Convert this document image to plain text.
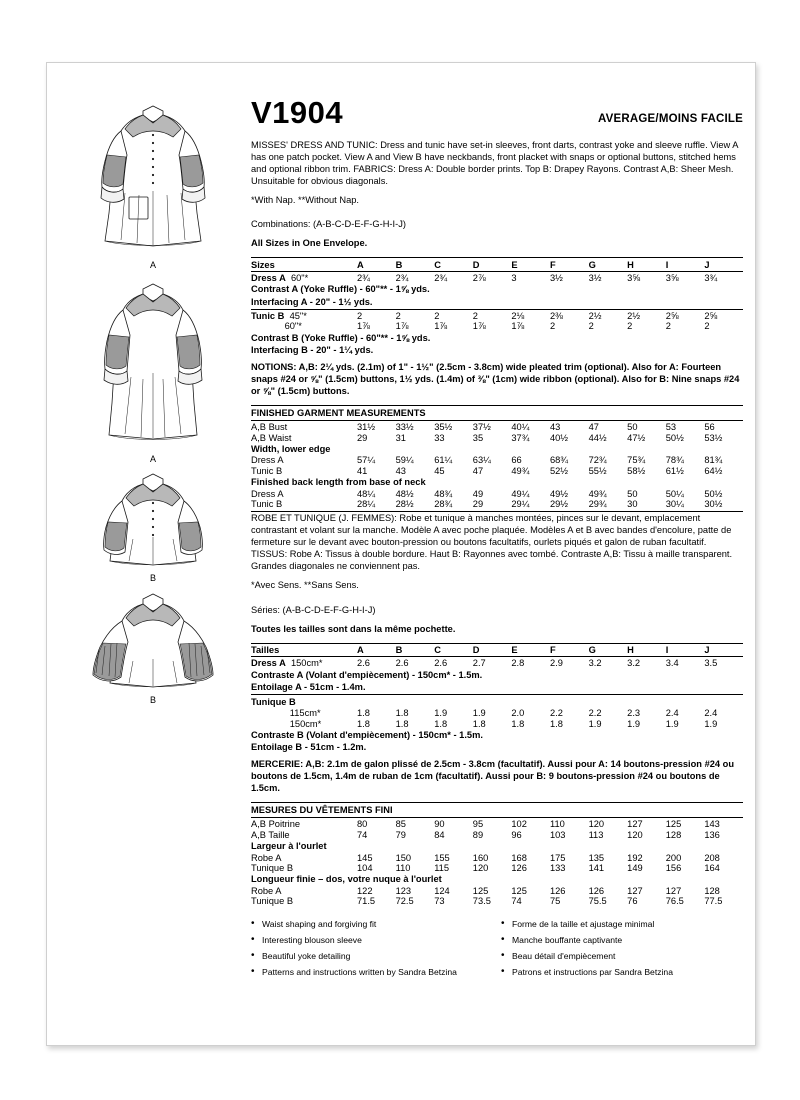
A
A
B
B
V1904	AVERAGE/MOINS FACILE

MISSES' DRESS AND TUNIC: Dress and tunic have set-in sleeves, front darts, contrast yoke and sleeve ruffle. View A has one patch pocket. View A and View B have neckbands, front placket with snaps or optional buttons, stitched hems and optional ribbon trim. FABRICS: Dress A: Double border prints. Top B: Drapey Rayons. Contrast A,B: Sheer Mesh. Unsuitable for obvious diagonals.

*With Nap. **Without Nap.

Combinations: (A-B-C-D-E-F-G-H-I-J)

All Sizes in One Envelope.

Sizes	A	B	C	D	E	F	G	H	I	J
Dress A 60"*	2¾	2¾	2¾	2⅞	3	3½	3½	3⅝	3⅝	3¾
Contrast A (Yoke Ruffle) - 60"** - 1⅝ yds.
Interfacing A - 20" - 1½ yds.
Tunic B 45"*	2	2	2	2	2⅛	2⅜	2½	2½	2⅝	2⅝
60"*	1⅞	1⅞	1⅞	1⅞	1⅞	2	2	2	2	2
Contrast B (Yoke Ruffle) - 60"** - 1⅝ yds.
Interfacing B - 20" - 1¼ yds.

NOTIONS: A,B: 2¼ yds. (2.1m) of 1" - 1½" (2.5cm - 3.8cm) wide pleated trim (optional). Also for A: Fourteen snaps #24 or ⅝" (1.5cm) buttons, 1½ yds. (1.4m) of ⅜" (1cm) wide ribbon (optional). Also for B: Nine snaps #24 or ⅝" (1.5cm) buttons.

FINISHED GARMENT MEASUREMENTS
A,B Bust	31½	33½	35½	37½	40¼	43	47	50	53	56
A,B Waist	29	31	33	35	37¾	40½	44½	47½	50½	53½
Width, lower edge
Dress A	57¼	59¼	61¼	63¼	66	68¾	72¾	75¾	78¾	81¾
Tunic B	41	43	45	47	49¾	52½	55½	58½	61½	64½
Finished back length from base of neck
Dress A	48¼	48½	48¾	49	49¼	49½	49¾	50	50¼	50½
Tunic B	28¼	28½	28¾	29	29¼	29½	29¾	30	30¼	30½

ROBE ET TUNIQUE (J. FEMMES): Robe et tunique à manches montées, pinces sur le devant, emplacement contrastant et volant sur la manche. Modèle A avec poche plaquée. Modèles A et B avec bandes d'encolure, patte de fermeture sur le devant avec bouton-pression ou boutons facultatifs, ourlets piqués et galon de ruban facultatif. TISSUS: Robe A: Tissus à double bordure. Haut B: Rayonnes avec tombé. Contraste A,B: Tissu à maille transparent. Grandes diagonales ne conviennent pas.

*Avec Sens. **Sans Sens.

Séries: (A-B-C-D-E-F-G-H-I-J)

Toutes les tailles sont dans la même pochette.

Tailles	A	B	C	D	E	F	G	H	I	J
Dress A 150cm*	2.6	2.6	2.6	2.7	2.8	2.9	3.2	3.2	3.4	3.5
Contraste A (Volant d'empiècement) - 150cm* - 1.5m.
Entoilage A - 51cm - 1.4m.
Tunique B
115cm*	1.8	1.8	1.9	1.9	2.0	2.2	2.2	2.3	2.4	2.4
150cm*	1.8	1.8	1.8	1.8	1.8	1.8	1.9	1.9	1.9	1.9
Contraste B (Volant d'empiècement) - 150cm* - 1.5m.
Entoilage B - 51cm - 1.2m.

MERCERIE: A,B: 2.1m de galon plissé de 2.5cm - 3.8cm (facultatif). Aussi pour A: 14 boutons-pression #24 ou boutons de 1.5cm, 1.4m de ruban de 1cm (facultatif). Aussi pour B: 9 boutons-pression #24 ou boutons de 1.5cm.

MESURES DU VÊTEMENTS FINI
A,B Poitrine	80	85	90	95	102	110	120	127	125	143
A,B Taille	74	79	84	89	96	103	113	120	128	136
Largeur à l'ourlet
Robe A	145	150	155	160	168	175	135	192	200	208
Tunique B	104	110	115	120	126	133	141	149	156	164
Longueur finie – dos, votre nuque à l'ourlet
Robe A	122	123	124	125	125	126	126	127	127	128
Tunique B	71.5	72.5	73	73.5	74	75	75.5	76	76.5	77.5
• Waist shaping and forgiving fit
• Interesting blouson sleeve
• Beautiful yoke detailing
• Patterns and instructions written by Sandra Betzina
• Forme de la taille et ajustage minimal
• Manche bouffante captivante
• Beau détail d'empiècement
• Patrons et instructions par Sandra Betzina
